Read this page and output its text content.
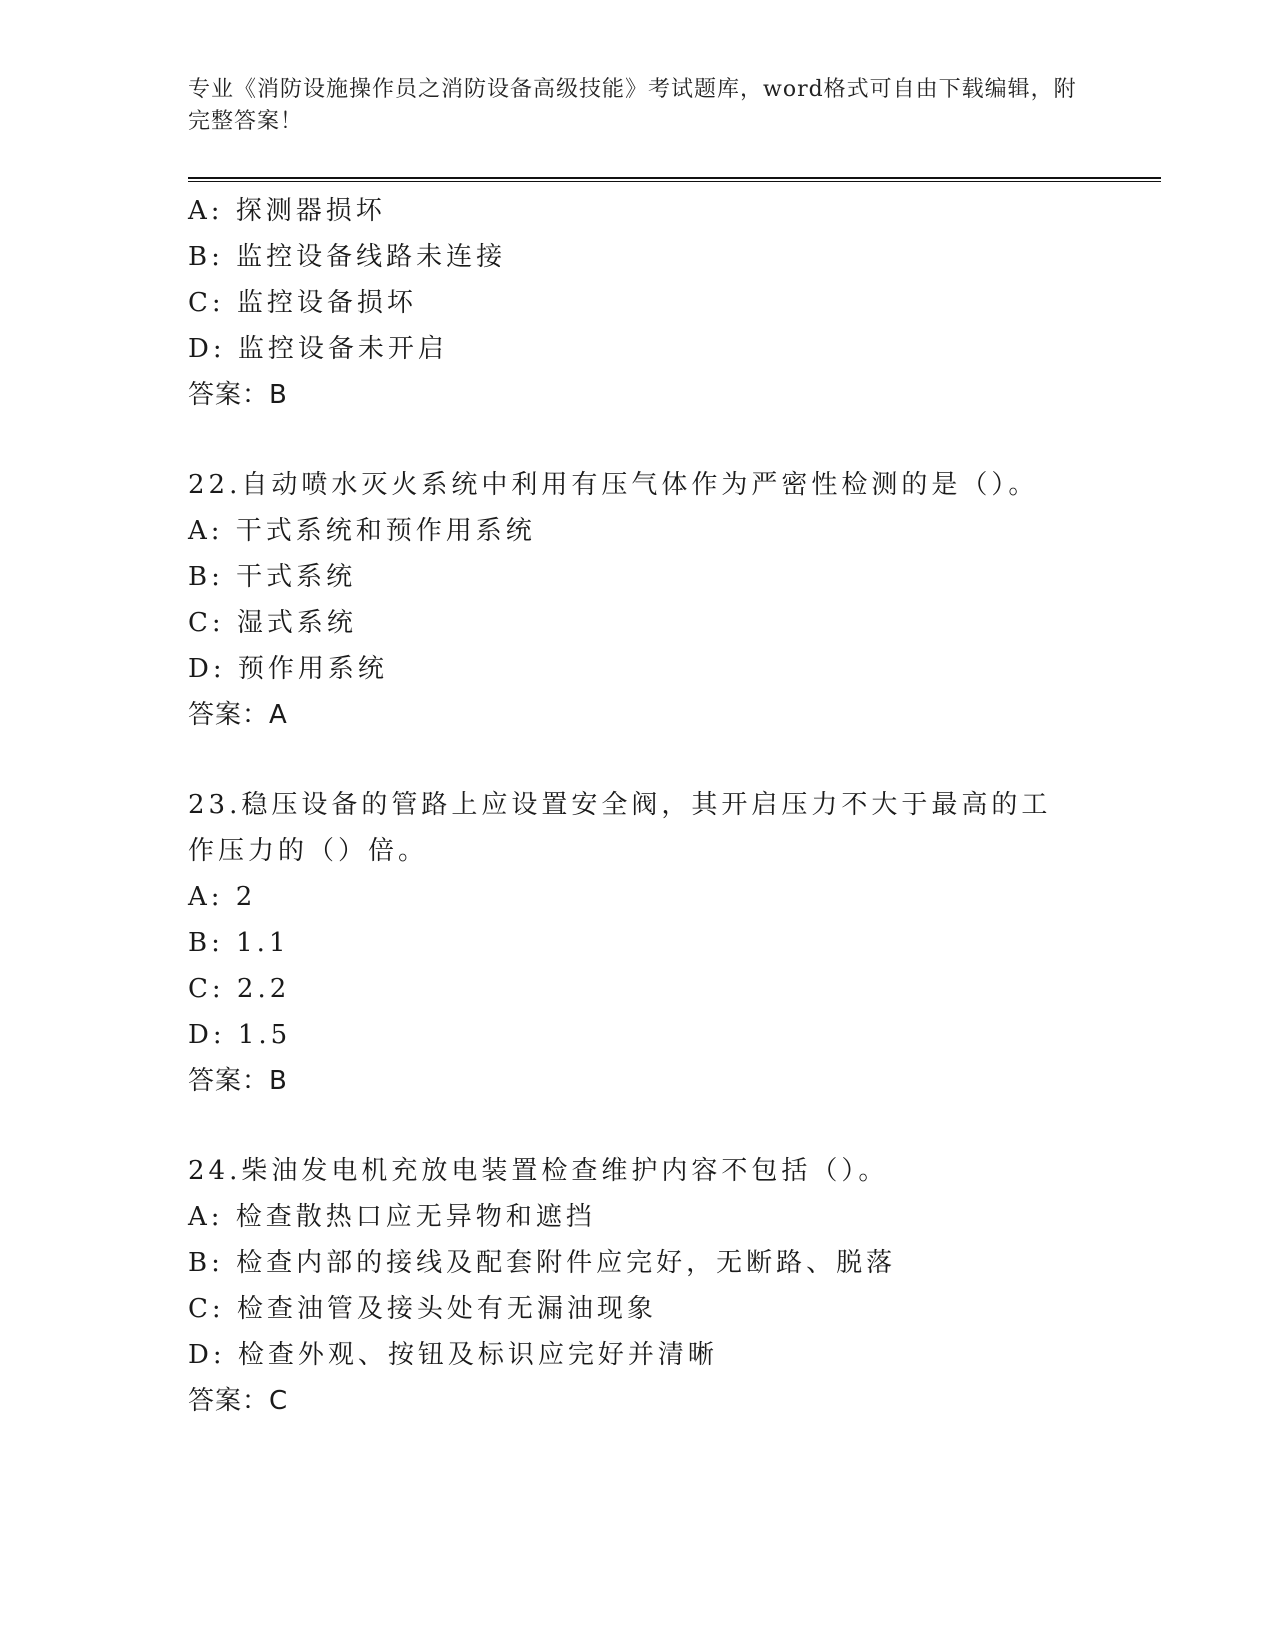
专业《消防设施操作员之消防设备高级技能》考试题库，word格式可自由下载编辑，附完整答案！
A: 探测器损坏
B: 监控设备线路未连接
C: 监控设备损坏
D: 监控设备未开启
答案：B
22.自动喷水灭火系统中利用有压气体作为严密性检测的是（）。
A: 干式系统和预作用系统
B: 干式系统
C: 湿式系统
D: 预作用系统
答案：A
23.稳压设备的管路上应设置安全阀，其开启压力不大于最高的工作压力的（）倍。
A: 2
B: 1.1
C: 2.2
D: 1.5
答案：B
24.柴油发电机充放电装置检查维护内容不包括（）。
A: 检查散热口应无异物和遮挡
B: 检查内部的接线及配套附件应完好，无断路、脱落
C: 检查油管及接头处有无漏油现象
D: 检查外观、按钮及标识应完好并清晰
答案：C
